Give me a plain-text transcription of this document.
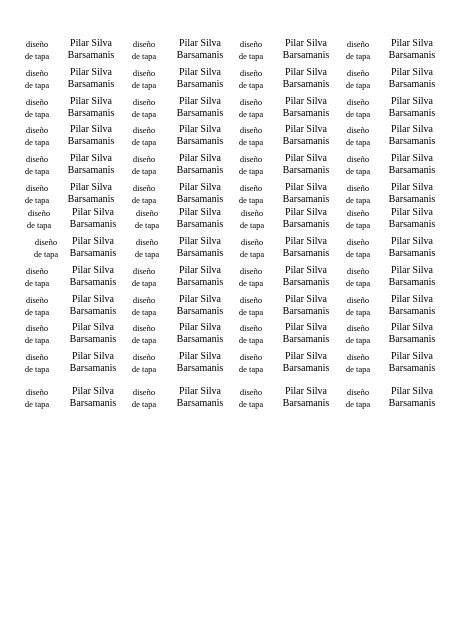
diseño
de tapa
Pilar Silva
Barsamanis
diseño
de tapa
Pilar Silva
Barsamanis
diseño
de tapa
Pilar Silva
Barsamanis
diseño
de tapa
Pilar Silva
Barsamanis
diseño
de tapa
Pilar Silva
Barsamanis
diseño
de tapa
Pilar Silva
Barsamanis
diseño
de tapa
Pilar Silva
Barsamanis
diseño
de tapa
Pilar Silva
Barsamanis
diseño
de tapa
Pilar Silva
Barsamanis
diseño
de tapa
Pilar Silva
Barsamanis
diseño
de tapa
Pilar Silva
Barsamanis
diseño
de tapa
Pilar Silva
Barsamanis
diseño
de tapa
Pilar Silva
Barsamanis
diseño
de tapa
Pilar Silva
Barsamanis
diseño
de tapa
Pilar Silva
Barsamanis
diseño
de tapa
Pilar Silva
Barsamanis
diseño
de tapa
Pilar Silva
Barsamanis
diseño
de tapa
Pilar Silva
Barsamanis
diseño
de tapa
Pilar Silva
Barsamanis
diseño
de tapa
Pilar Silva
Barsamanis
diseño
de tapa
Pilar Silva
Barsamanis
diseño
de tapa
Pilar Silva
Barsamanis
diseño
de tapa
Pilar Silva
Barsamanis
diseño
de tapa
Pilar Silva
Barsamanis
diseño
de tapa
Pilar Silva
Barsamanis
diseño
de tapa
Pilar Silva
Barsamanis
diseño
de tapa
Pilar Silva
Barsamanis
diseño
de tapa
Pilar Silva
Barsamanis
diseño
de tapa
Pilar Silva
Barsamanis
diseño
de tapa
Pilar Silva
Barsamanis
diseño
de tapa
Pilar Silva
Barsamanis
diseño
de tapa
Pilar Silva
Barsamanis
diseño
de tapa
Pilar Silva
Barsamanis
diseño
de tapa
Pilar Silva
Barsamanis
diseño
de tapa
Pilar Silva
Barsamanis
diseño
de tapa
Pilar Silva
Barsamanis
diseño
de tapa
Pilar Silva
Barsamanis
diseño
de tapa
Pilar Silva
Barsamanis
diseño
de tapa
Pilar Silva
Barsamanis
diseño
de tapa
Pilar Silva
Barsamanis
diseño
de tapa
Pilar Silva
Barsamanis
diseño
de tapa
Pilar Silva
Barsamanis
diseño
de tapa
Pilar Silva
Barsamanis
diseño
de tapa
Pilar Silva
Barsamanis
diseño
de tapa
Pilar Silva
Barsamanis
diseño
de tapa
Pilar Silva
Barsamanis
diseño
de tapa
Pilar Silva
Barsamanis
diseño
de tapa
Pilar Silva
Barsamanis
diseño
de tapa
Pilar Silva
Barsamanis
diseño
de tapa
Pilar Silva
Barsamanis
diseño
de tapa
Pilar Silva
Barsamanis
diseño
de tapa
Pilar Silva
Barsamanis
